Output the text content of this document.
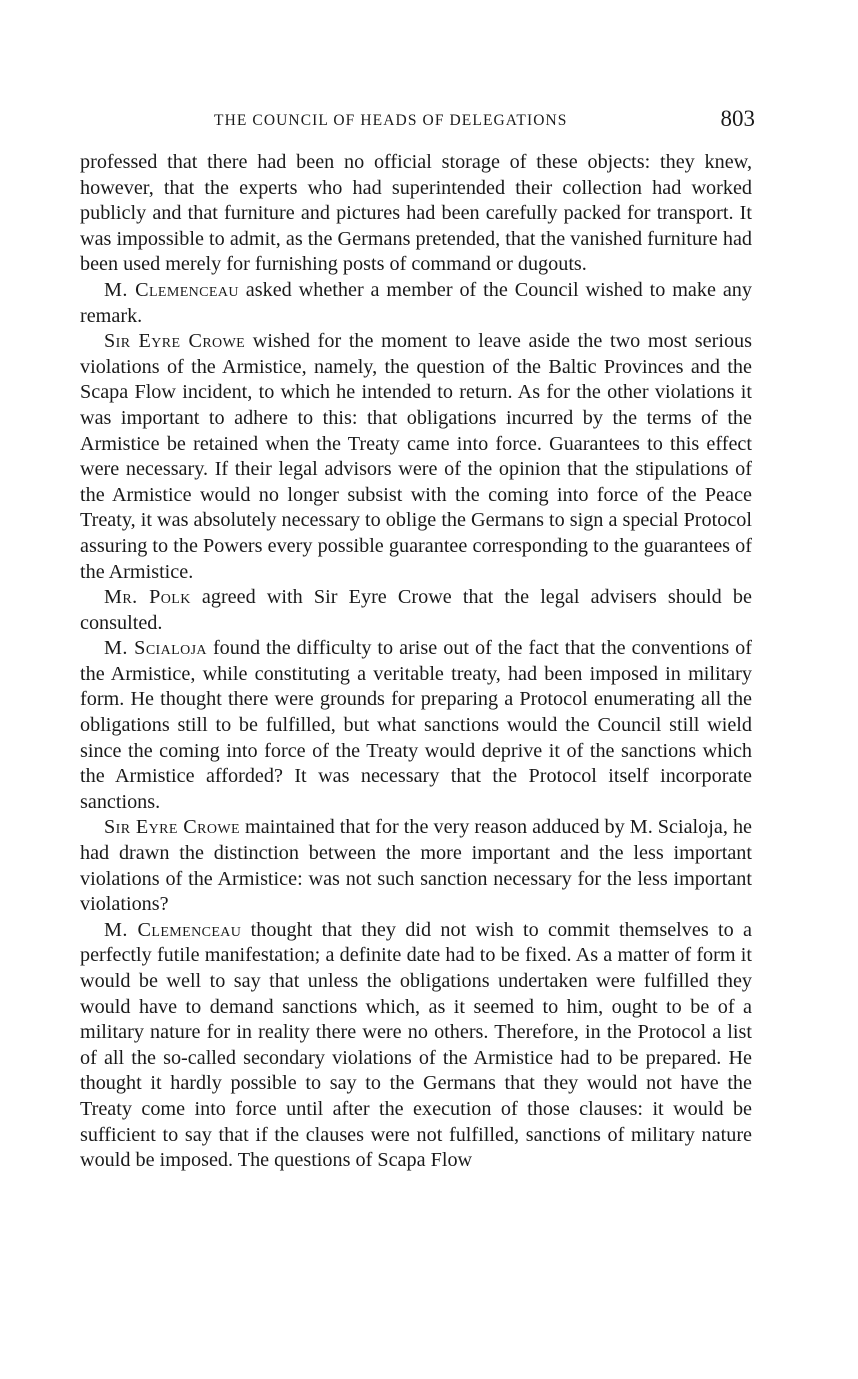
THE COUNCIL OF HEADS OF DELEGATIONS	803

professed that there had been no official storage of these objects: they knew, however, that the experts who had superintended their collection had worked publicly and that furniture and pictures had been carefully packed for transport. It was impossible to admit, as the Germans pretended, that the vanished furniture had been used merely for furnishing posts of command or dugouts.

M. Clemenceau asked whether a member of the Council wished to make any remark.

Sir Eyre Crowe wished for the moment to leave aside the two most serious violations of the Armistice, namely, the question of the Baltic Provinces and the Scapa Flow incident, to which he intended to return. As for the other violations it was important to adhere to this: that obligations incurred by the terms of the Armistice be retained when the Treaty came into force. Guarantees to this effect were necessary. If their legal advisors were of the opinion that the stipulations of the Armistice would no longer subsist with the coming into force of the Peace Treaty, it was absolutely necessary to oblige the Germans to sign a special Protocol assuring to the Powers every possible guarantee corresponding to the guarantees of the Armistice.

Mr. Polk agreed with Sir Eyre Crowe that the legal advisers should be consulted.

M. Scialoja found the difficulty to arise out of the fact that the conventions of the Armistice, while constituting a veritable treaty, had been imposed in military form. He thought there were grounds for preparing a Protocol enumerating all the obligations still to be fulfilled, but what sanctions would the Council still wield since the coming into force of the Treaty would deprive it of the sanctions which the Armistice afforded? It was necessary that the Protocol itself incorporate sanctions.

Sir Eyre Crowe maintained that for the very reason adduced by M. Scialoja, he had drawn the distinction between the more important and the less important violations of the Armistice: was not such sanction necessary for the less important violations?

M. Clemenceau thought that they did not wish to commit themselves to a perfectly futile manifestation; a definite date had to be fixed. As a matter of form it would be well to say that unless the obligations undertaken were fulfilled they would have to demand sanctions which, as it seemed to him, ought to be of a military nature for in reality there were no others. Therefore, in the Protocol a list of all the so-called secondary violations of the Armistice had to be prepared. He thought it hardly possible to say to the Germans that they would not have the Treaty come into force until after the execution of those clauses: it would be sufficient to say that if the clauses were not fulfilled, sanctions of military nature would be imposed. The questions of Scapa Flow
